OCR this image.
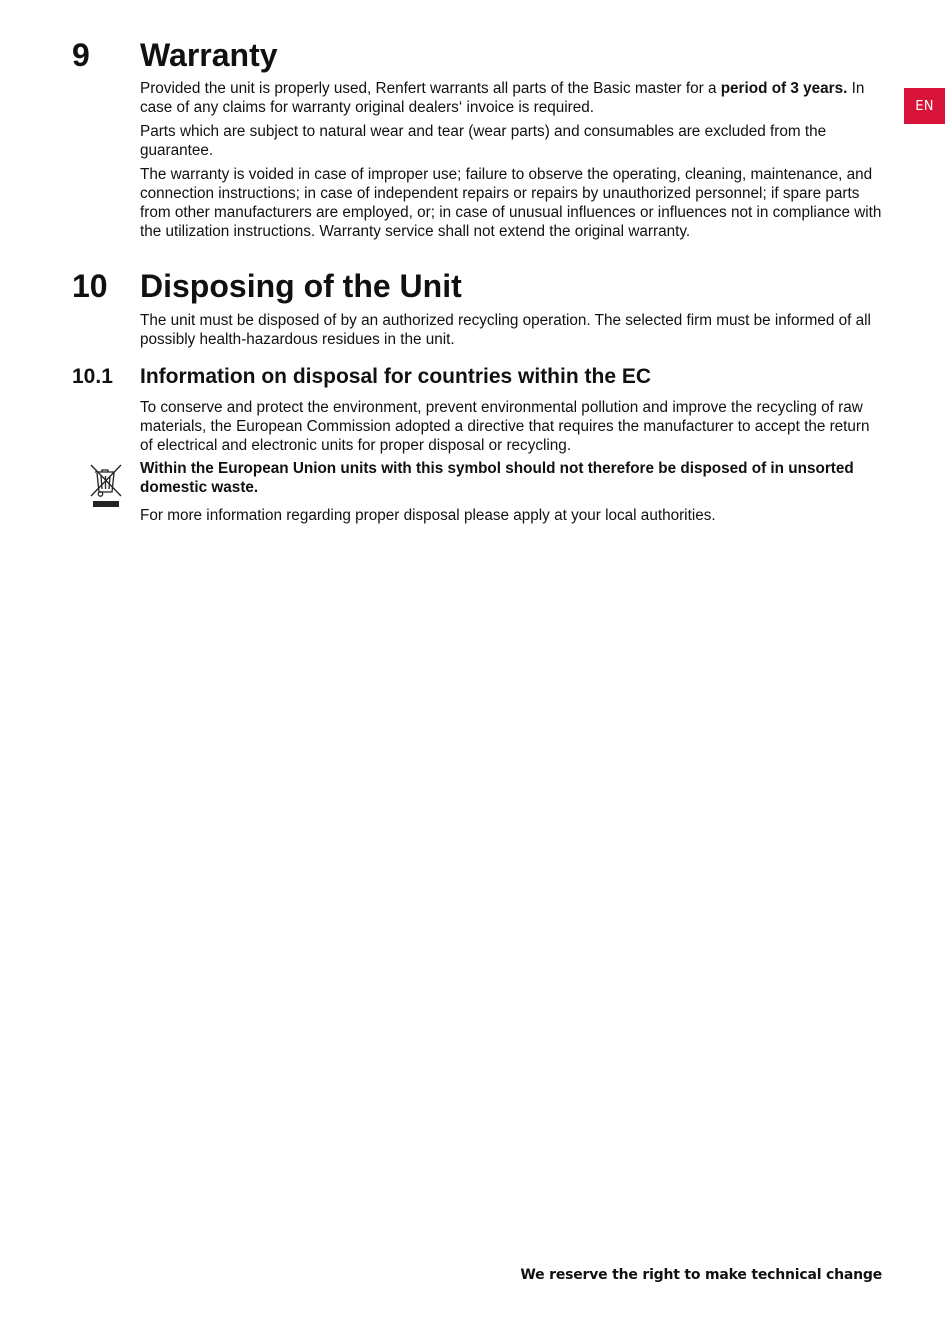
EN
9 Warranty

Provided the unit is properly used, Renfert warrants all parts of the Basic master for a period of 3 years. In case of any claims for warranty original dealers‘ invoice is required.

Parts which are subject to natural wear and tear (wear parts) and consumables are excluded from the guarantee.

The warranty is voided in case of improper use; failure to observe the operating, cleaning, maintenance, and connection instructions; in case of independent repairs or repairs by unauthorized personnel; if spare parts from other manufacturers are employed, or; in case of unusual influences or influences not in compliance with the utilization instructions. Warranty service shall not extend the original warranty.

10 Disposing of the Unit

The unit must be disposed of by an authorized recycling operation. The selected firm must be informed of all possibly health-hazardous residues in the unit.

10.1 Information on disposal for countries within the EC

To conserve and protect the environment, prevent environmental pollution and improve the recycling of raw materials, the European Commission adopted a directive that requires the manufacturer to accept the return of electrical and electronic units for proper disposal or recycling.

Within the European Union units with this symbol should not therefore be disposed of in unsorted domestic waste.

For more information regarding proper disposal please apply at your local authorities.

We reserve the right to make technical change
